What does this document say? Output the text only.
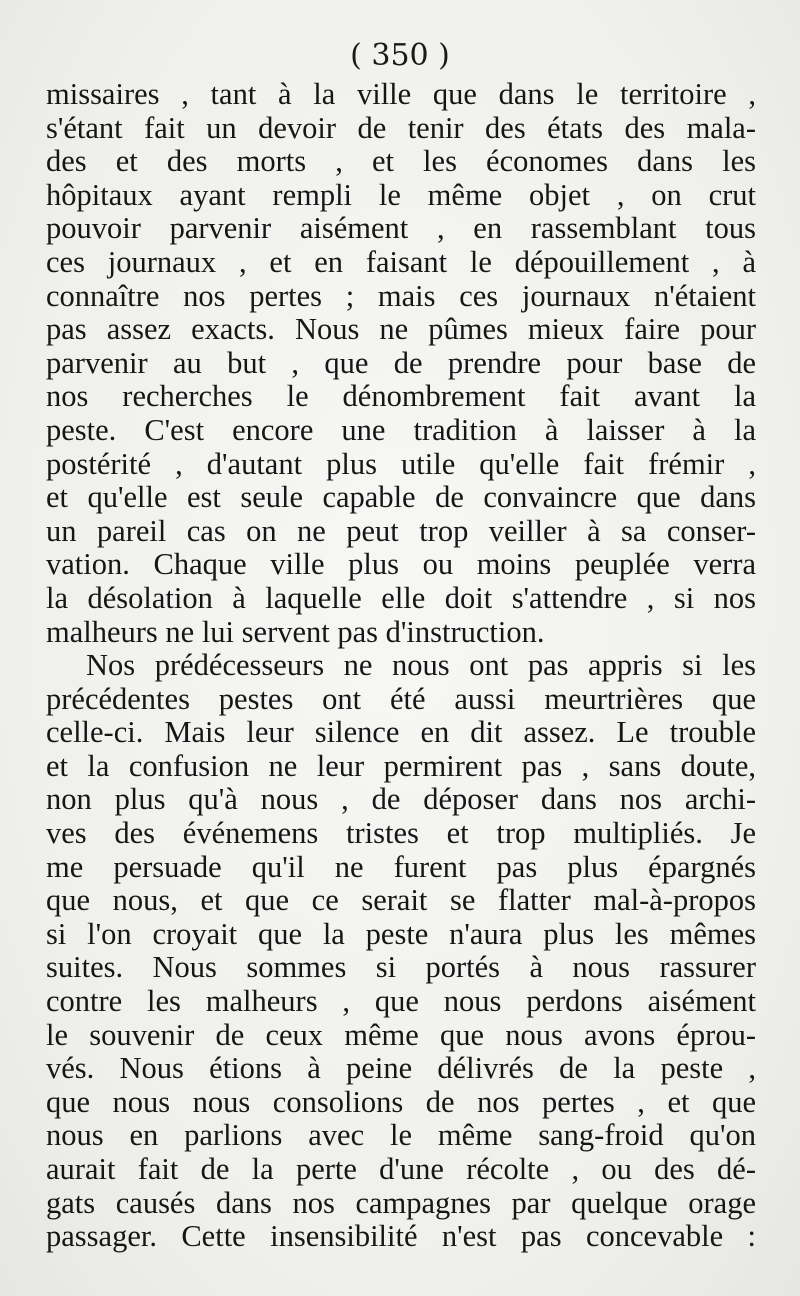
( 350 )
missaires , tant à la ville que dans le territoire ,
s'étant fait un devoir de tenir des états des mala-
des et des morts , et les économes dans les
hôpitaux ayant rempli le même objet , on crut
pouvoir parvenir aisément , en rassemblant tous
ces journaux , et en faisant le dépouillement , à
connaître nos pertes ; mais ces journaux n'étaient
pas assez exacts. Nous ne pûmes mieux faire pour
parvenir au but , que de prendre pour base de
nos recherches le dénombrement fait avant la
peste. C'est encore une tradition à laisser à la
postérité , d'autant plus utile qu'elle fait frémir ,
et qu'elle est seule capable de convaincre que dans
un pareil cas on ne peut trop veiller à sa conser-
vation. Chaque ville plus ou moins peuplée verra
la désolation à laquelle elle doit s'attendre , si nos
malheurs ne lui servent pas d'instruction.
Nos prédécesseurs ne nous ont pas appris si les
précédentes pestes ont été aussi meurtrières que
celle-ci. Mais leur silence en dit assez. Le trouble
et la confusion ne leur permirent pas , sans doute,
non plus qu'à nous , de déposer dans nos archi-
ves des événemens tristes et trop multipliés. Je
me persuade qu'il ne furent pas plus épargnés
que nous, et que ce serait se flatter mal-à-propos
si l'on croyait que la peste n'aura plus les mêmes
suites. Nous sommes si portés à nous rassurer
contre les malheurs , que nous perdons aisément
le souvenir de ceux même que nous avons éprou-
vés. Nous étions à peine délivrés de la peste ,
que nous nous consolions de nos pertes , et que
nous en parlions avec le même sang-froid qu'on
aurait fait de la perte d'une récolte , ou des dé-
gats causés dans nos campagnes par quelque orage
passager. Cette insensibilité n'est pas concevable :
